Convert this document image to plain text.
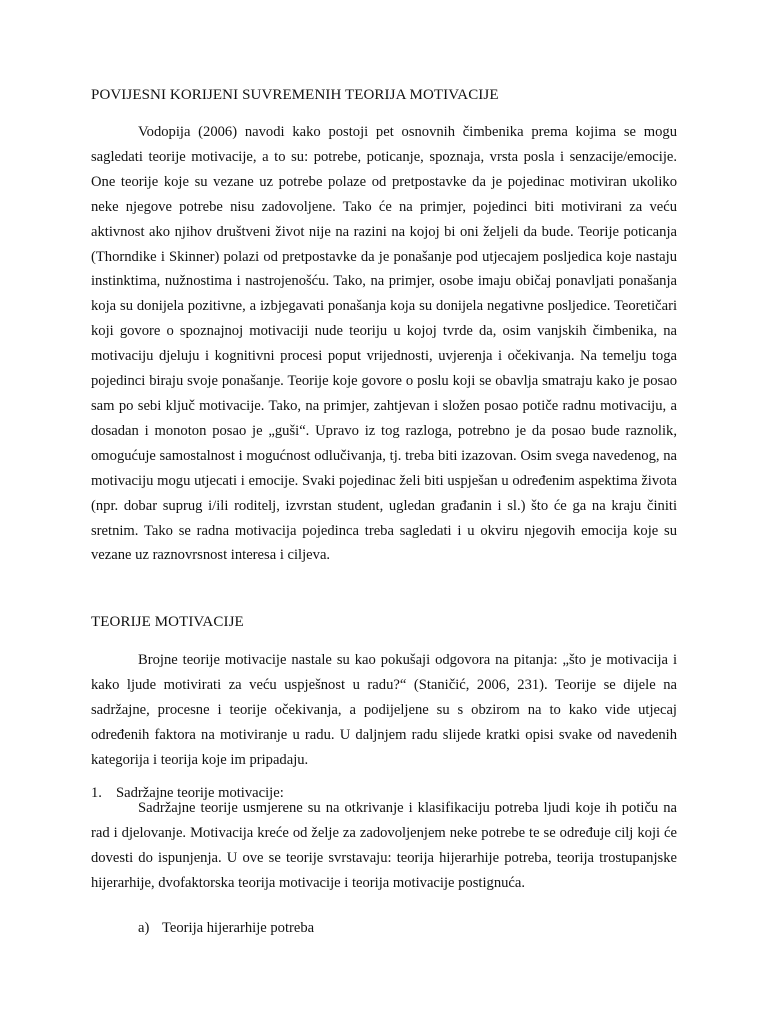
POVIJESNI KORIJENI SUVREMENIH TEORIJA MOTIVACIJE

Vodopija (2006) navodi kako postoji pet osnovnih čimbenika prema kojima se mogu sagledati teorije motivacije, a to su: potrebe, poticanje, spoznaja, vrsta posla i senzacije/emocije. One teorije koje su vezane uz potrebe polaze od pretpostavke da je pojedinac motiviran ukoliko neke njegove potrebe nisu zadovoljene. Tako će na primjer, pojedinci biti motivirani za veću aktivnost ako njihov društveni život nije na razini na kojoj bi oni željeli da bude. Teorije poticanja (Thorndike i Skinner) polazi od pretpostavke da je ponašanje pod utjecajem posljedica koje nastaju instinktima, nužnostima i nastrojenošću. Tako, na primjer, osobe imaju običaj ponavljati ponašanja koja su donijela pozitivne, a izbjegavati ponašanja koja su donijela negativne posljedice. Teoretičari koji govore o spoznajnoj motivaciji nude teoriju u kojoj tvrde da, osim vanjskih čimbenika, na motivaciju djeluju i kognitivni procesi poput vrijednosti, uvjerenja i očekivanja. Na temelju toga pojedinci biraju svoje ponašanje. Teorije koje govore o poslu koji se obavlja smatraju kako je posao sam po sebi ključ motivacije. Tako, na primjer, zahtjevan i složen posao potiče radnu motivaciju, a dosadan i monoton posao je „guši“. Upravo iz tog razloga, potrebno je da posao bude raznolik, omogućuje samostalnost i mogućnost odlučivanja, tj. treba biti izazovan. Osim svega navedenog, na motivaciju mogu utjecati i emocije. Svaki pojedinac želi biti uspješan u određenim aspektima života (npr. dobar suprug i/ili roditelj, izvrstan student, ugledan građanin i sl.) što će ga na kraju činiti sretnim. Tako se radna motivacija pojedinca treba sagledati i u okviru njegovih emocija koje su vezane uz raznovrsnost interesa i ciljeva.

TEORIJE MOTIVACIJE

Brojne teorije motivacije nastale su kao pokušaji odgovora na pitanja: „što je motivacija i kako ljude motivirati za veću uspješnost u radu?“ (Staničić, 2006, 231). Teorije se dijele na sadržajne, procesne i teorije očekivanja, a podijeljene su s obzirom na to kako vide utjecaj određenih faktora na motiviranje u radu. U daljnjem radu slijede kratki opisi svake od navedenih kategorija i teorija koje im pripadaju.

1. Sadržajne teorije motivacije:

Sadržajne teorije usmjerene su na otkrivanje i klasifikaciju potreba ljudi koje ih potiču na rad i djelovanje. Motivacija kreće od želje za zadovoljenjem neke potrebe te se određuje cilj koji će dovesti do ispunjenja. U ove se teorije svrstavaju: teorija hijerarhije potreba, teorija trostupanjske hijerarhije, dvofaktorska teorija motivacije i teorija motivacije postignuća.

a) Teorija hijerarhije potreba
